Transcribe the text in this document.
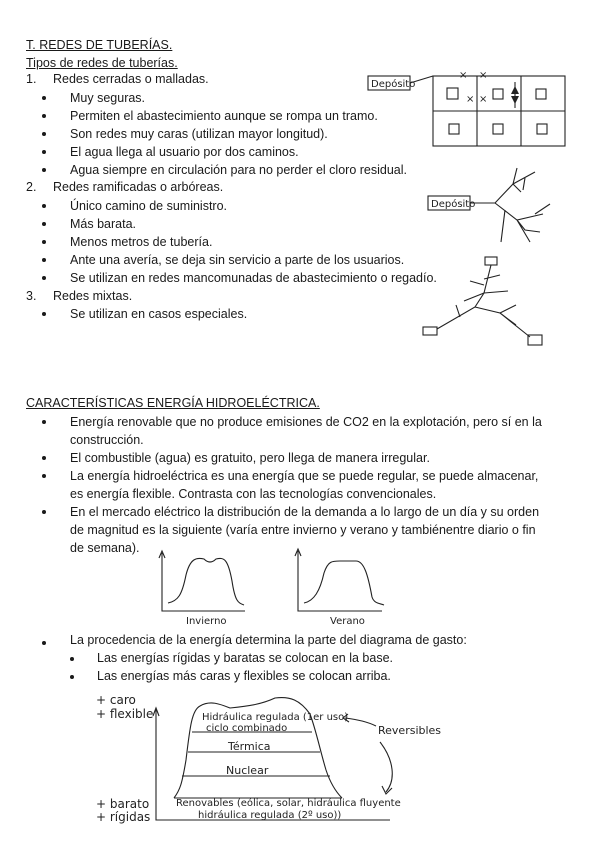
T. REDES DE TUBERÍAS.
Tipos de redes de tuberías.
1. Redes cerradas o malladas.
Muy seguras.
Permiten el abastecimiento aunque se rompa un tramo.
Son redes muy caras (utilizan mayor longitud).
El agua llega al usuario por dos caminos.
Agua siempre en circulación para no perder el cloro residual.
2. Redes ramificadas o arbóreas.
Único camino de suministro.
Más barata.
Menos metros de tubería.
Ante una avería, se deja sin servicio a parte de los usuarios.
Se utilizan en redes mancomunadas de abastecimiento o regadío.
3. Redes mixtas.
Se utilizan en casos especiales.
Depósito
× ×
× ×
Depósito
CARACTERÍSTICAS ENERGÍA HIDROELÉCTRICA.
Energía renovable que no produce emisiones de CO2 en la explotación, pero sí en la
construcción.
El combustible (agua) es gratuito, pero llega de manera irregular.
La energía hidroeléctrica es una energía que se puede regular, se puede almacenar,
es energía flexible. Contrasta con las tecnologías convencionales.
En el mercado eléctrico la distribución de la demanda a lo largo de un día y su orden
de magnitud es la siguiente (varía entre invierno y verano y tambiénentre diario o fin
de semana).
Invierno	Verano
La procedencia de la energía determina la parte del diagrama de gasto:
Las energías rígidas y baratas se colocan en la base.
Las energías más caras y flexibles se colocan arriba.
+ caro
+ flexible
+ barato
+ rígidas
Hidráulica regulada (1er uso)
ciclo combinado
Térmica
Nuclear
Renovables (eólica, solar, hidráulica fluyente
hidráulica regulada (2º uso))
Reversibles
